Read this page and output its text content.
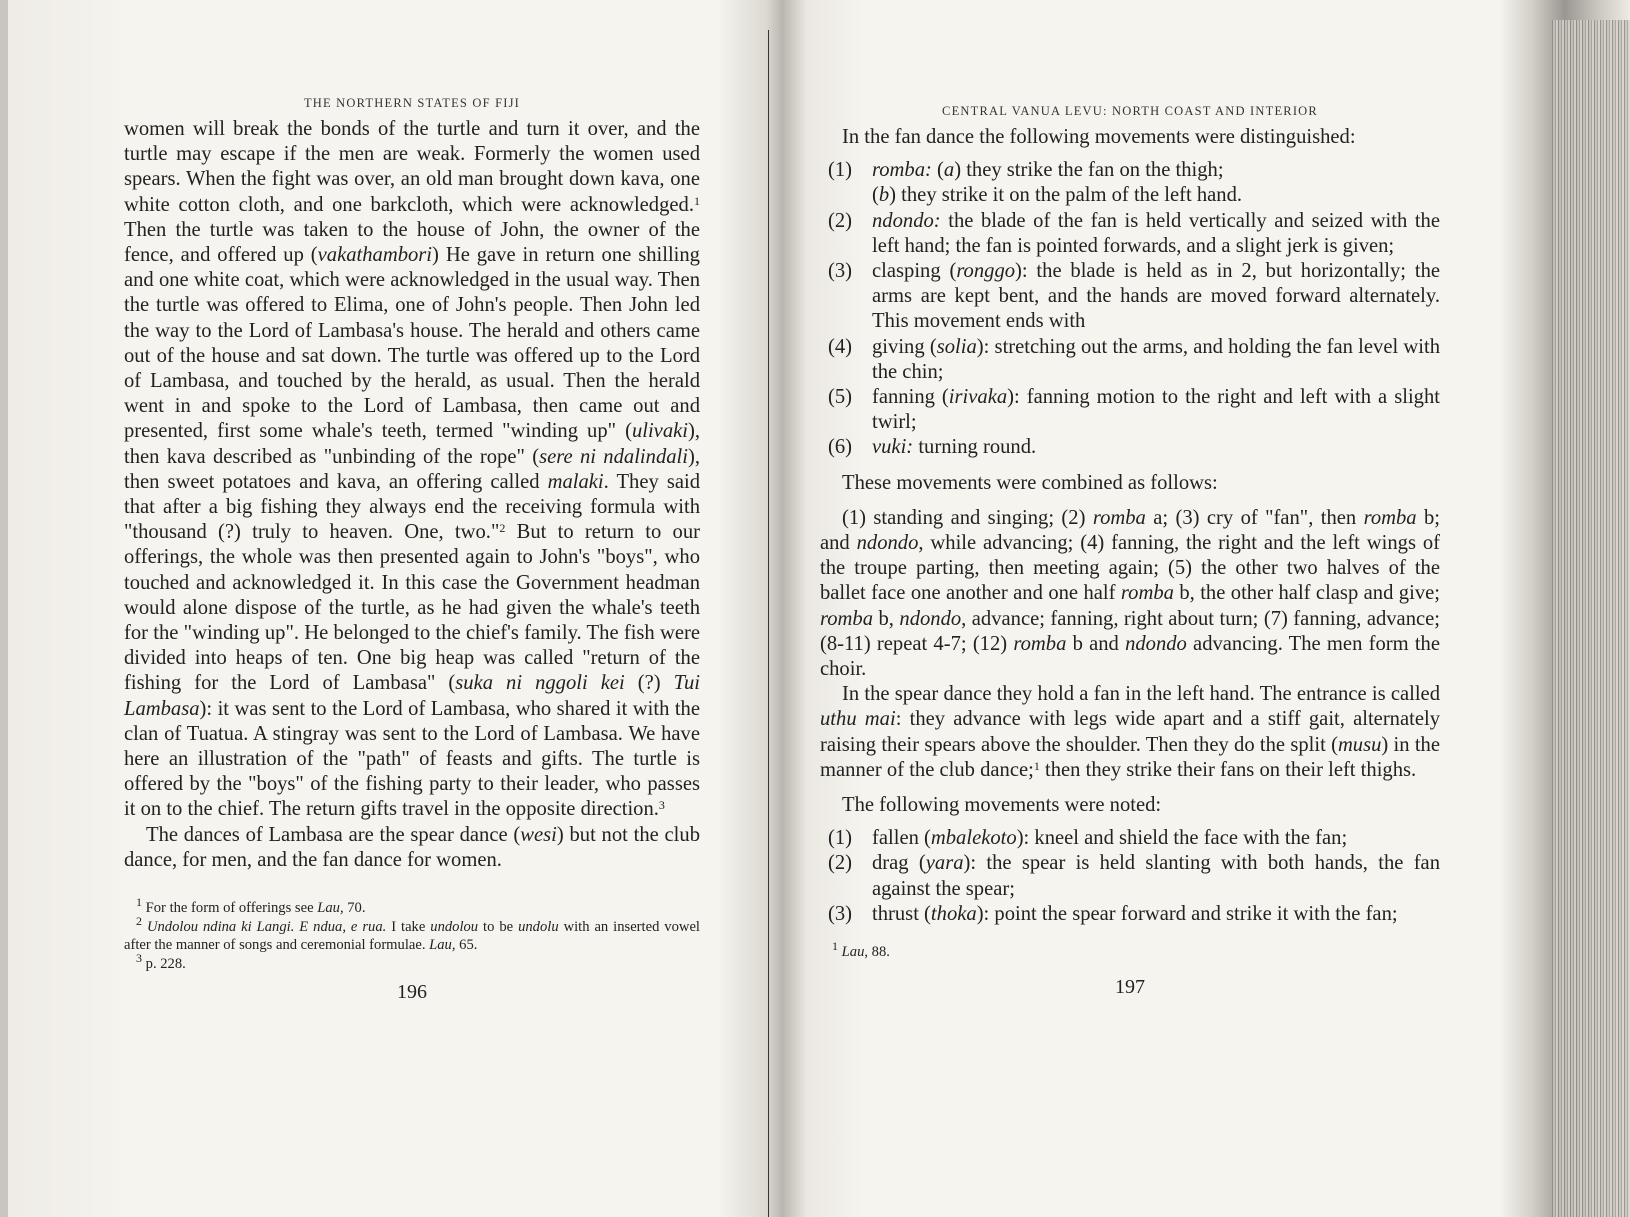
THE NORTHERN STATES OF FIJI

women will break the bonds of the turtle and turn it over, and the turtle may escape if the men are weak. Formerly the women used spears. When the fight was over, an old man brought down kava, one white cotton cloth, and one barkcloth, which were acknowledged.$^1$ Then the turtle was taken to the house of John, the owner of the fence, and offered up (vakathambori) He gave in return one shilling and one white coat, which were acknowledged in the usual way. Then the turtle was offered to Elima, one of John's people. Then John led the way to the Lord of Lambasa's house. The herald and others came out of the house and sat down. The turtle was offered up to the Lord of Lambasa, and touched by the herald, as usual. Then the herald went in and spoke to the Lord of Lambasa, then came out and presented, first some whale's teeth, termed "winding up" (ulivaki), then kava described as "unbinding of the rope" (sere ni ndalindali), then sweet potatoes and kava, an offering called malaki. They said that after a big fishing they always end the receiving formula with "thousand (?) truly to heaven. One, two."$^2$ But to return to our offerings, the whole was then presented again to John's "boys", who touched and acknowledged it. In this case the Government headman would alone dispose of the turtle, as he had given the whale's teeth for the "winding up". He belonged to the chief's family. The fish were divided into heaps of ten. One big heap was called "return of the fishing for the Lord of Lambasa" (suka ni nggoli kei (?) Tui Lambasa): it was sent to the Lord of Lambasa, who shared it with the clan of Tuatua. A stingray was sent to the Lord of Lambasa. We have here an illustration of the "path" of feasts and gifts. The turtle is offered by the "boys" of the fishing party to their leader, who passes it on to the chief. The return gifts travel in the opposite direction.$^3$

The dances of Lambasa are the spear dance (wesi) but not the club dance, for men, and the fan dance for women.

$^1$ For the form of offerings see Lau, 70.

$^2$ Undolou ndina ki Langi. E ndua, e rua. I take undolou to be undolu with an inserted vowel after the manner of songs and ceremonial formulae. Lau, 65.

$^3$ p. 228.

196
CENTRAL VANUA LEVU: NORTH COAST AND INTERIOR

In the fan dance the following movements were distinguished:

(1) romba: (a) they strike the fan on the thigh;
(b) they strike it on the palm of the left hand.
(2) ndondo: the blade of the fan is held vertically and seized with the left hand; the fan is pointed forwards, and a slight jerk is given;
(3) clasping (ronggo): the blade is held as in 2, but horizontally; the arms are kept bent, and the hands are moved forward alternately. This movement ends with
(4) giving (solia): stretching out the arms, and holding the fan level with the chin;
(5) fanning (irivaka): fanning motion to the right and left with a slight twirl;
(6) vuki: turning round.

These movements were combined as follows:

(1) standing and singing; (2) romba a; (3) cry of "fan", then romba b; and ndondo, while advancing; (4) fanning, the right and the left wings of the troupe parting, then meeting again; (5) the other two halves of the ballet face one another and one half romba b, the other half clasp and give; romba b, ndondo, advance; fanning, right about turn; (7) fanning, advance; (8-11) repeat 4-7; (12) romba b and ndondo advancing. The men form the choir.

In the spear dance they hold a fan in the left hand. The entrance is called uthu mai: they advance with legs wide apart and a stiff gait, alternately raising their spears above the shoulder. Then they do the split (musu) in the manner of the club dance;$^1$ then they strike their fans on their left thighs.

The following movements were noted:

(1) fallen (mbalekoto): kneel and shield the face with the fan;
(2) drag (yara): the spear is held slanting with both hands, the fan against the spear;
(3) thrust (thoka): point the spear forward and strike it with the fan;

$^1$ Lau, 88.

197
